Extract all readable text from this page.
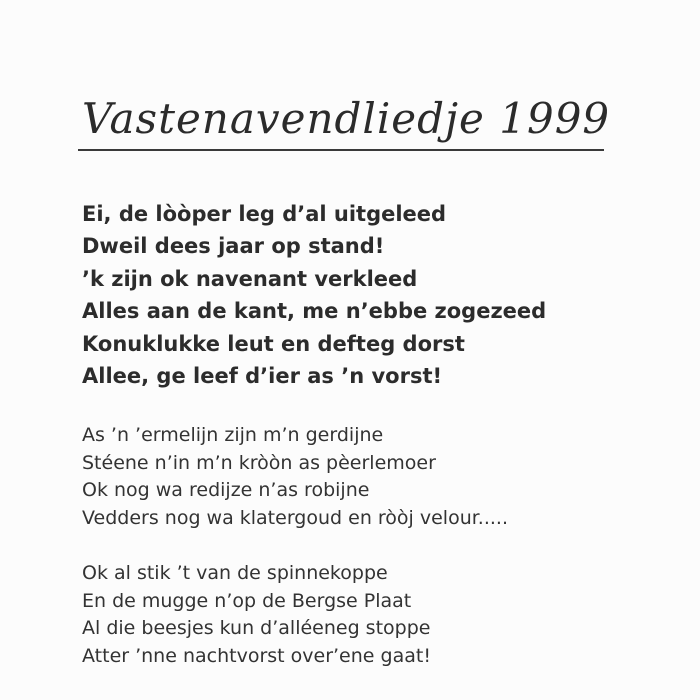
Vastenavendliedje 1999
Ei, de lòòper leg d’al uitgeleed
Dweil dees jaar op stand!
’k zijn ok navenant verkleed
Alles aan de kant, me n’ebbe zogezeed
Konuklukke leut en defteg dorst
Allee, ge leef d’ier as ’n vorst!
As ’n ’ermelijn zijn m’n gerdijne
Stéene n’in m’n kròòn as pèerlemoer
Ok nog wa redijze n’as robijne
Vedders nog wa klatergoud en ròòj velour.....
Ok al stik ’t van de spinnekoppe
En de mugge n’op de Bergse Plaat
Al die beesjes kun d’alléeneg stoppe
Atter ’nne nachtvorst over’ene gaat!
